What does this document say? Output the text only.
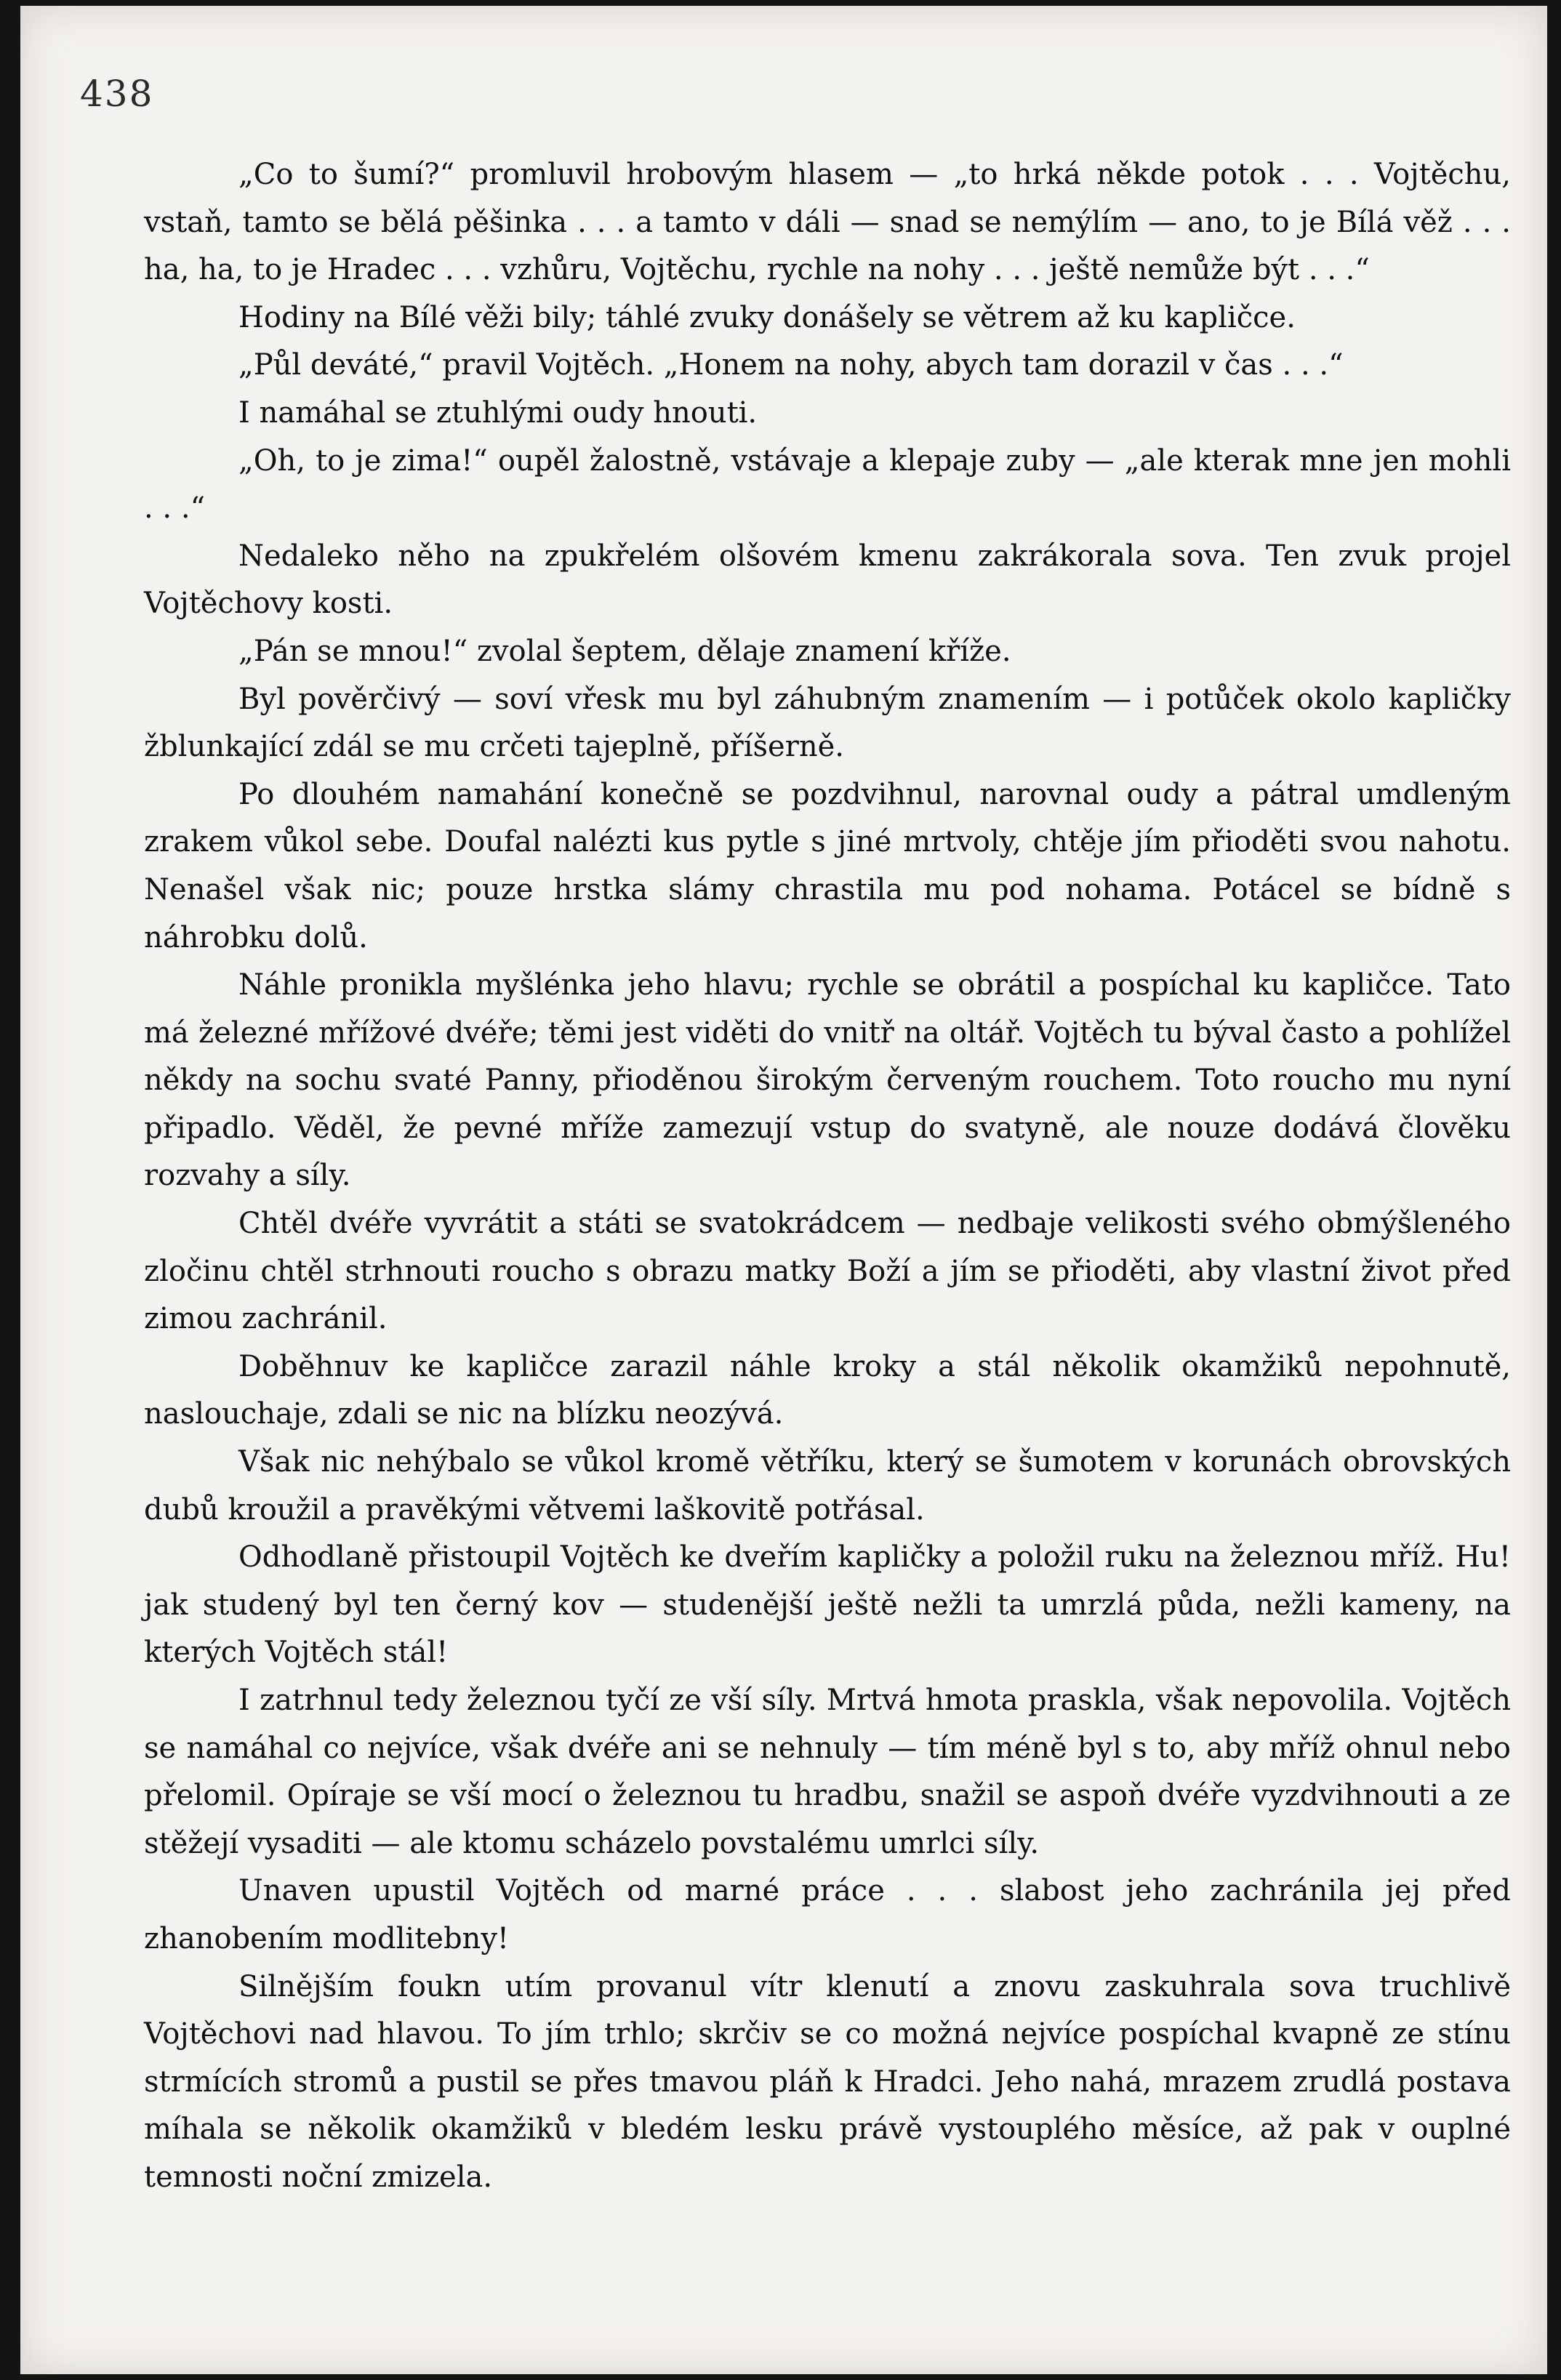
438

„Co to šumí?“ promluvil hrobovým hlasem — „to hrká někde potok . . . Vojtěchu, vstaň, tamto se bělá pěšinka . . . a tamto v dáli — snad se nemýlím — ano, to je Bílá věž . . . ha, ha, to je Hradec . . . vzhůru, Vojtěchu, rychle na nohy . . . ještě nemůže být . . .“

Hodiny na Bílé věži bily; táhlé zvuky donášely se větrem až ku kapličce.

„Půl deváté,“ pravil Vojtěch. „Honem na nohy, abych tam dorazil v čas . . .“

I namáhal se ztuhlými oudy hnouti.

„Oh, to je zima!“ oupěl žalostně, vstávaje a klepaje zuby — „ale kterak mne jen mohli . . .“

Nedaleko něho na zpukřelém olšovém kmenu zakrákorala sova. Ten zvuk projel Vojtěchovy kosti.

„Pán se mnou!“ zvolal šeptem, dělaje znamení kříže.

Byl pověrčivý — soví vřesk mu byl záhubným znamením — i potůček okolo kapličky žblunkající zdál se mu crčeti tajeplně, příšerně.

Po dlouhém namahání konečně se pozdvihnul, narovnal oudy a pátral umdleným zrakem vůkol sebe. Doufal nalézti kus pytle s jiné mrtvoly, chtěje jím přioděti svou nahotu. Nenašel však nic; pouze hrstka slámy chrastila mu pod nohama. Potácel se bídně s náhrobku dolů.

Náhle pronikla myšlénka jeho hlavu; rychle se obrátil a pospíchal ku kapličce. Tato má železné mřížové dvéře; těmi jest viděti do vnitř na oltář. Vojtěch tu býval často a pohlížel někdy na sochu svaté Panny, přioděnou širokým červeným rouchem. Toto roucho mu nyní připadlo. Věděl, že pevné mříže zamezují vstup do svatyně, ale nouze dodává člověku rozvahy a síly.

Chtěl dvéře vyvrátit a státi se svatokrádcem — nedbaje velikosti svého obmýšleného zločinu chtěl strhnouti roucho s obrazu matky Boží a jím se přioděti, aby vlastní život před zimou zachránil.

Doběhnuv ke kapličce zarazil náhle kroky a stál několik okamžiků nepohnutě, naslouchaje, zdali se nic na blízku neozývá.

Však nic nehýbalo se vůkol kromě větříku, který se šumotem v korunách obrovských dubů kroužil a pravěkými větvemi laškovitě potřásal.

Odhodlaně přistoupil Vojtěch ke dveřím kapličky a položil ruku na železnou mříž. Hu! jak studený byl ten černý kov — studenější ještě nežli ta umrzlá půda, nežli kameny, na kterých Vojtěch stál!

I zatrhnul tedy železnou tyčí ze vší síly. Mrtvá hmota praskla, však nepovolila. Vojtěch se namáhal co nejvíce, však dvéře ani se nehnuly — tím méně byl s to, aby mříž ohnul nebo přelomil. Opíraje se vší mocí o železnou tu hradbu, snažil se aspoň dvéře vyzdvihnouti a ze stěžejí vysaditi — ale ktomu scházelo povstalému umrlci síly.

Unaven upustil Vojtěch od marné práce . . . slabost jeho zachránila jej před zhanobením modlitebny!

Silnějším foukn utím provanul vítr klenutí a znovu zaskuhrala sova truchlivě Vojtěchovi nad hlavou. To jím trhlo; skrčiv se co možná nejvíce pospíchal kvapně ze stínu strmících stromů a pustil se přes tmavou pláň k Hradci. Jeho nahá, mrazem zrudlá postava míhala se několik okamžiků v bledém lesku právě vystouplého měsíce, až pak v ouplné temnosti noční zmizela.
